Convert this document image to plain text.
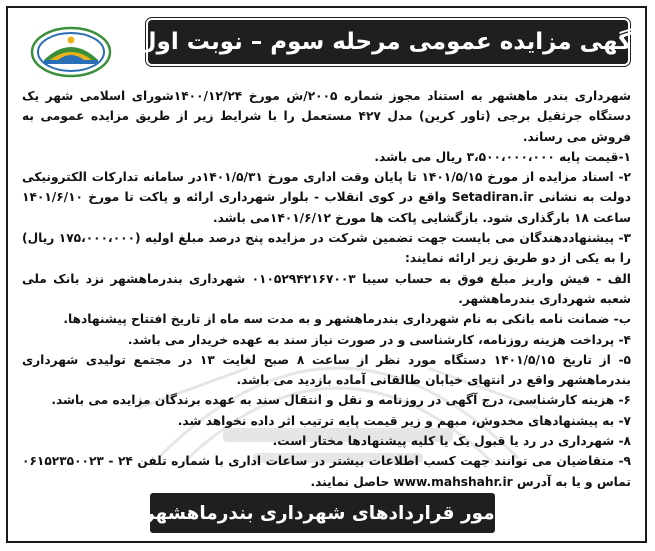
آگهی مزایده عمومی مرحله سوم – نوبت اول

شهرداری بندر ماهشهر به استناد مجوز شماره ۲۰۰۵/ش مورخ ۱۴۰۰/۱۲/۲۴شورای اسلامی شهر یک دستگاه جرثقیل برجی (تاور کرین) مدل ۴۲۷ مستعمل را با شرایط زیر از طریق مزایده عمومی به فروش می رساند.

۱-قیمت پایه ۳،۵۰۰،۰۰۰،۰۰۰ ریال می باشد.

۲- اسناد مزایده از مورخ ۱۴۰۱/۵/۱۵ تا پایان وقت اداری مورخ ۱۴۰۱/۵/۳۱در سامانه تدارکات الکترونیکی دولت به نشانی Setadiran.ir واقع در کوی انقلاب - بلوار شهرداری ارائه و پاکت تا مورخ ۱۴۰۱/۶/۱۰ ساعت ۱۸ بارگذاری شود. بازگشایی پاکت ها مورخ ۱۴۰۱/۶/۱۲می باشد.

۳- پیشنهاددهندگان می بایست جهت تضمین شرکت در مزایده پنج درصد مبلغ اولیه (۱۷۵،۰۰۰،۰۰۰ ریال) را به یکی از دو طریق زیر ارائه نمایند:

الف - فیش واریز مبلغ فوق به حساب سیبا ۰۱۰۵۲۹۴۲۱۶۷۰۰۳ شهرداری بندرماهشهر نزد بانک ملی شعبه شهرداری بندرماهشهر.

ب- ضمانت نامه بانکی به نام شهرداری بندرماهشهر و به مدت سه ماه از تاریخ افتتاح پیشنهادها.

۴- پرداخت هزینه روزنامه، کارشناسی و در صورت نیاز سند به عهده خریدار می باشد.

۵- از تاریخ ۱۴۰۱/۵/۱۵ دستگاه مورد نظر از ساعت ۸ صبح لغایت ۱۳ در مجتمع تولیدی شهرداری بندرماهشهر واقع در انتهای خیابان طالقانی آماده بازدید می باشد.

۶- هزینه کارشناسی، درج آگهی در روزنامه و نقل و انتقال سند به عهده برندگان مزایده می باشد.

۷- به پیشنهادهای مخدوش، مبهم و زیر قیمت پایه ترتیب اثر داده نخواهد شد.

۸- شهرداری در رد یا قبول یک یا کلیه پیشنهادها مختار است.

۹- متقاضیان می توانند جهت کسب اطلاعات بیشتر در ساعات اداری با شماره تلفن ۲۴ - ۰۶۱۵۲۳۵۰۰۲۳ تماس و یا به آدرس www.mahshahr.ir حاصل نمایند.

امور قراردادهای شهرداری بندرماهشهر
